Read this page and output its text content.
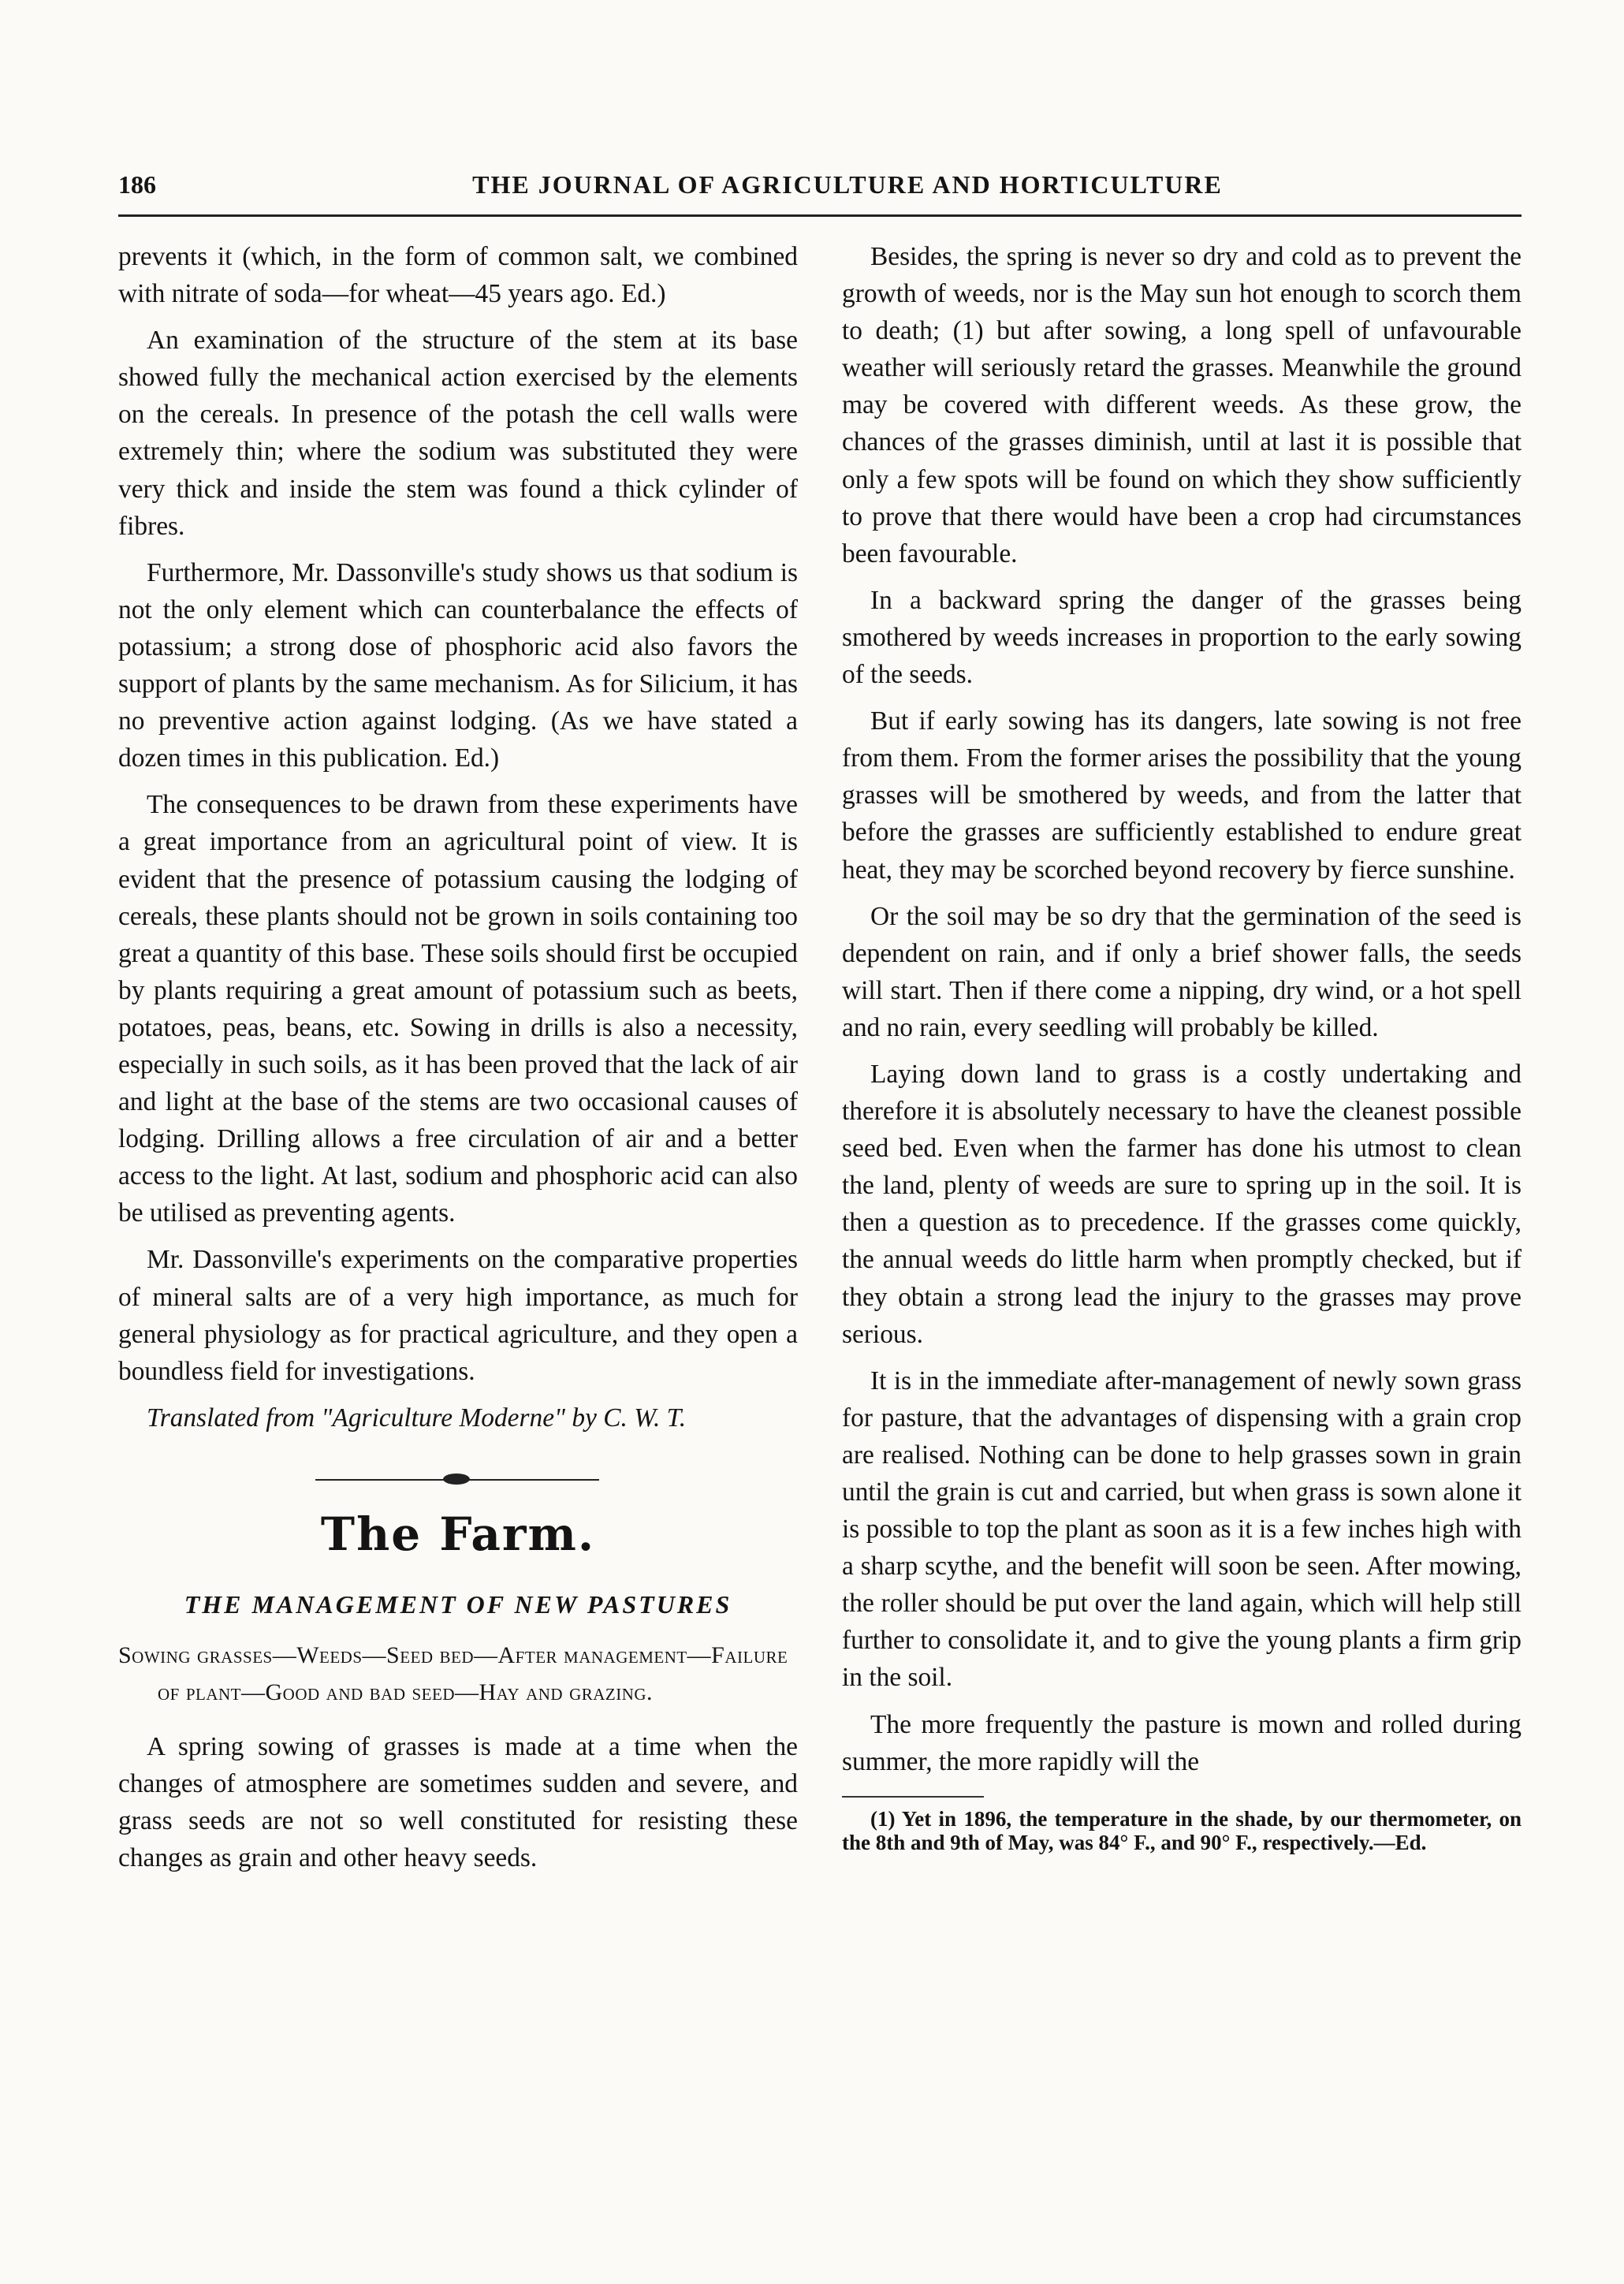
186	THE JOURNAL OF AGRICULTURE AND HORTICULTURE

prevents it (which, in the form of common salt, we combined with nitrate of soda—for wheat—45 years ago. Ed.)

An examination of the structure of the stem at its base showed fully the mechanical action exercised by the elements on the cereals. In presence of the potash the cell walls were extremely thin; where the sodium was substituted they were very thick and inside the stem was found a thick cylinder of fibres.

Furthermore, Mr. Dassonville's study shows us that sodium is not the only element which can counterbalance the effects of potassium; a strong dose of phosphoric acid also favors the support of plants by the same mechanism. As for Silicium, it has no preventive action against lodging. (As we have stated a dozen times in this publication. Ed.)

The consequences to be drawn from these experiments have a great importance from an agricultural point of view. It is evident that the presence of potassium causing the lodging of cereals, these plants should not be grown in soils containing too great a quantity of this base. These soils should first be occupied by plants requiring a great amount of potassium such as beets, potatoes, peas, beans, etc. Sowing in drills is also a necessity, especially in such soils, as it has been proved that the lack of air and light at the base of the stems are two occasional causes of lodging. Drilling allows a free circulation of air and a better access to the light. At last, sodium and phosphoric acid can also be utilised as preventing agents.

Mr. Dassonville's experiments on the comparative properties of mineral salts are of a very high importance, as much for general physiology as for practical agriculture, and they open a boundless field for investigations.

Translated from "Agriculture Moderne" by C. W. T.

The Farm.
THE MANAGEMENT OF NEW PASTURES
Sowing grasses—Weeds—Seed bed—After management—Failure of plant—Good and bad seed—Hay and grazing.

A spring sowing of grasses is made at a time when the changes of atmosphere are sometimes sudden and severe, and grass seeds are not so well constituted for resisting these changes as grain and other heavy seeds.

Besides, the spring is never so dry and cold as to prevent the growth of weeds, nor is the May sun hot enough to scorch them to death; (1) but after sowing, a long spell of unfavourable weather will seriously retard the grasses. Meanwhile the ground may be covered with different weeds. As these grow, the chances of the grasses diminish, until at last it is possible that only a few spots will be found on which they show sufficiently to prove that there would have been a crop had circumstances been favourable.

In a backward spring the danger of the grasses being smothered by weeds increases in proportion to the early sowing of the seeds.

But if early sowing has its dangers, late sowing is not free from them. From the former arises the possibility that the young grasses will be smothered by weeds, and from the latter that before the grasses are sufficiently established to endure great heat, they may be scorched beyond recovery by fierce sunshine.

Or the soil may be so dry that the germination of the seed is dependent on rain, and if only a brief shower falls, the seeds will start. Then if there come a nipping, dry wind, or a hot spell and no rain, every seedling will probably be killed.

Laying down land to grass is a costly undertaking and therefore it is absolutely necessary to have the cleanest possible seed bed. Even when the farmer has done his utmost to clean the land, plenty of weeds are sure to spring up in the soil. It is then a question as to precedence. If the grasses come quickly, the annual weeds do little harm when promptly checked, but if they obtain a strong lead the injury to the grasses may prove serious.

It is in the immediate after-management of newly sown grass for pasture, that the advantages of dispensing with a grain crop are realised. Nothing can be done to help grasses sown in grain until the grain is cut and carried, but when grass is sown alone it is possible to top the plant as soon as it is a few inches high with a sharp scythe, and the benefit will soon be seen. After mowing, the roller should be put over the land again, which will help still further to consolidate it, and to give the young plants a firm grip in the soil.

The more frequently the pasture is mown and rolled during summer, the more rapidly will the

(1) Yet in 1896, the temperature in the shade, by our thermometer, on the 8th and 9th of May, was 84° F., and 90° F., respectively.—Ed.
